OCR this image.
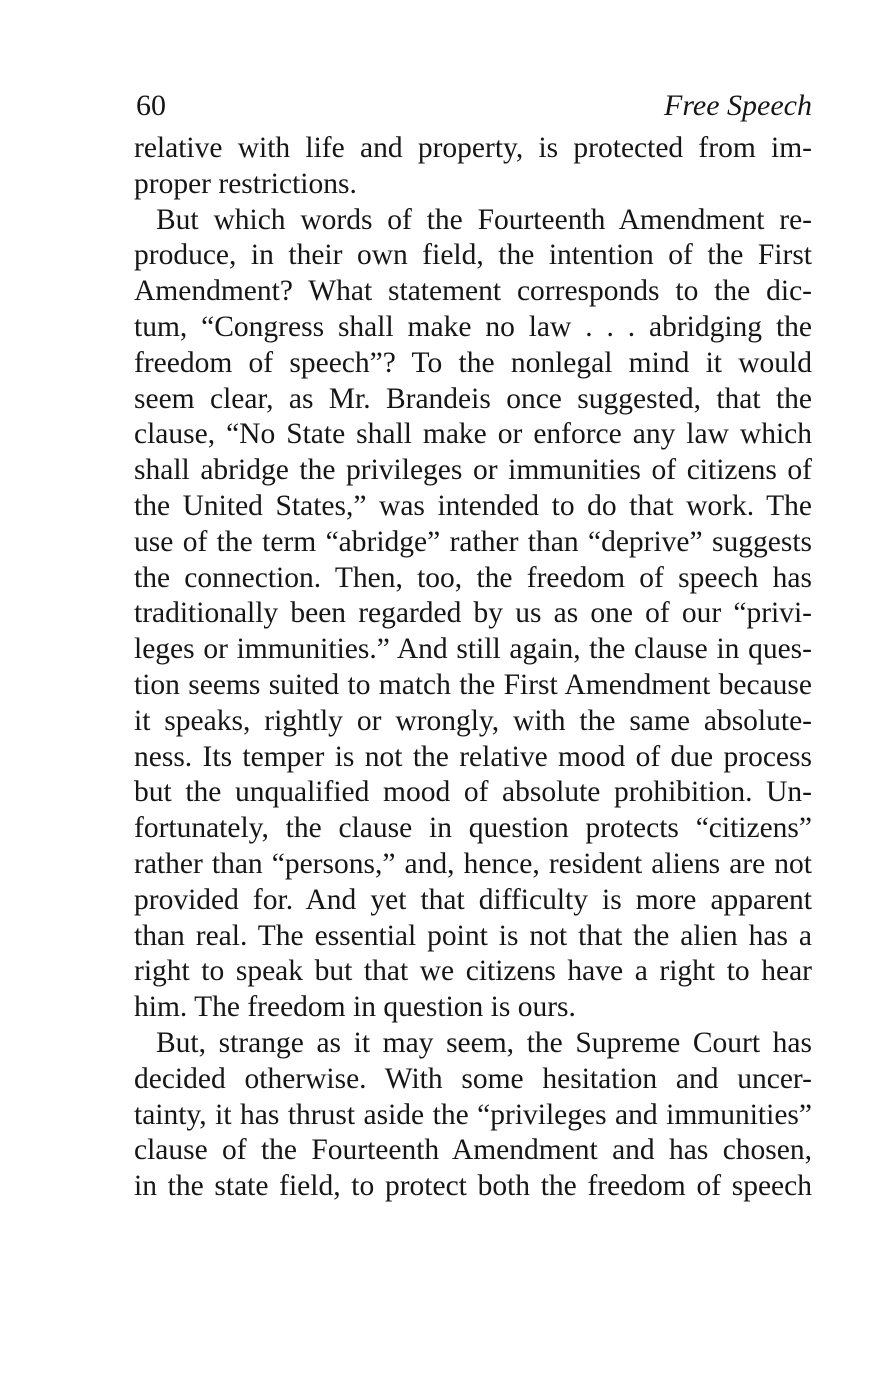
60	Free Speech
relative with life and property, is protected from im-
proper restrictions.
But which words of the Fourteenth Amendment re-
produce, in their own field, the intention of the First
Amendment? What statement corresponds to the dic-
tum, “Congress shall make no law . . . abridging the
freedom of speech”? To the nonlegal mind it would
seem clear, as Mr. Brandeis once suggested, that the
clause, “No State shall make or enforce any law which
shall abridge the privileges or immunities of citizens of
the United States,” was intended to do that work. The
use of the term “abridge” rather than “deprive” suggests
the connection. Then, too, the freedom of speech has
traditionally been regarded by us as one of our “privi-
leges or immunities.” And still again, the clause in ques-
tion seems suited to match the First Amendment because
it speaks, rightly or wrongly, with the same absolute-
ness. Its temper is not the relative mood of due process
but the unqualified mood of absolute prohibition. Un-
fortunately, the clause in question protects “citizens”
rather than “persons,” and, hence, resident aliens are not
provided for. And yet that difficulty is more apparent
than real. The essential point is not that the alien has a
right to speak but that we citizens have a right to hear
him. The freedom in question is ours.
But, strange as it may seem, the Supreme Court has
decided otherwise. With some hesitation and uncer-
tainty, it has thrust aside the “privileges and immunities”
clause of the Fourteenth Amendment and has chosen,
in the state field, to protect both the freedom of speech
